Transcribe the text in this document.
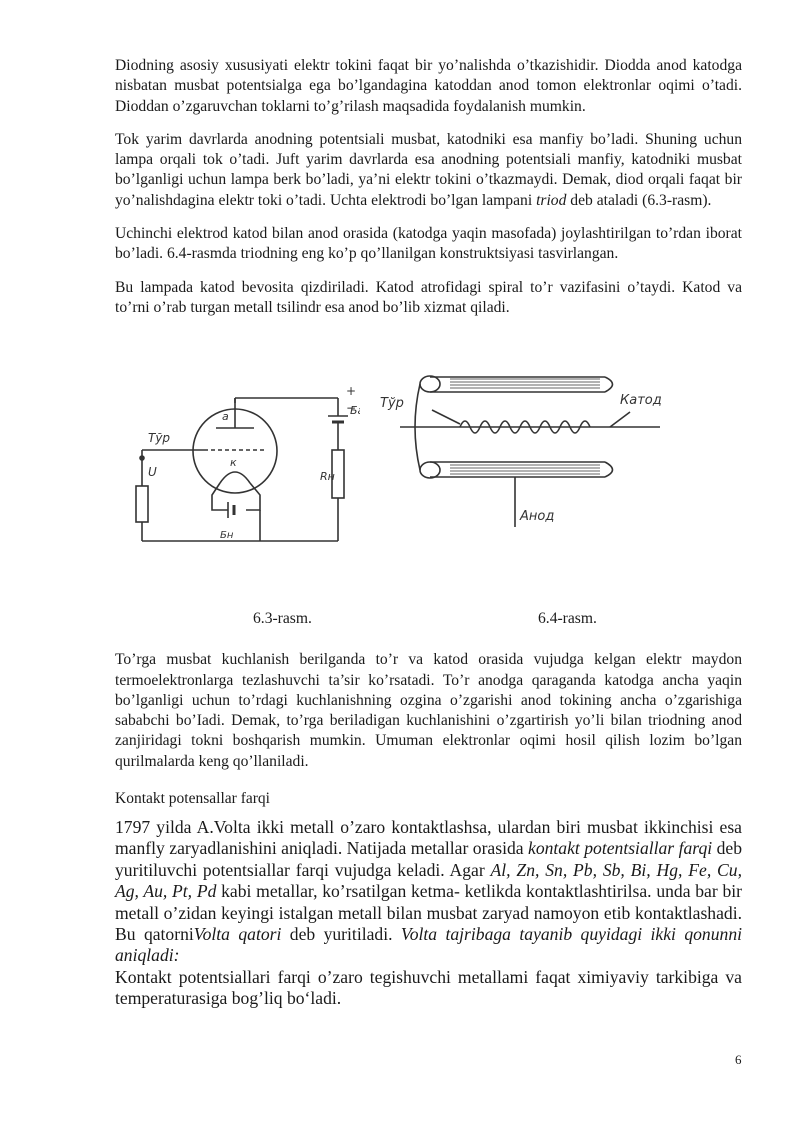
Diodning asosiy xususiyati elektr tokini faqat bir yo’nalishda o’tkazishidir. Diodda anod katodga nisbatan musbat potentsialga ega bo’lgandagina katoddan anod tomon elektronlar oqimi o’tadi. Dioddan o’zgaruvchan toklarni to’g’rilash maqsadida foydalanish mumkin.

Tok yarim davrlarda anodning potentsiali musbat, katodniki esa manfiy bo’ladi. Shuning uchun lampa orqali tok o’tadi. Juft yarim davrlarda esa anodning potentsiali manfiy, katodniki musbat bo’lganligi uchun lampa berk bo’ladi, ya’ni elektr tokini o’tkazmaydi. Demak, diod orqali faqat bir yo’nalishdagina elektr toki o’tadi. Uchta elektrodi bo’lgan lampani triod deb ataladi (6.3-rasm).

Uchinchi elektrod katod bilan anod orasida (katodga yaqin masofada) joylashtirilgan to’rdan iborat bo’ladi. 6.4-rasmda triodning eng ko’p qo’llanilgan konstruktsiyasi tasvirlangan.

Bu lampada katod bevosita qizdiriladi. Katod atrofidagi spiral to’r vazifasini o’taydi. Katod va to’rni o’rab turgan metall tsilindr esa anod bo’lib xizmat qiladi.

a
к
Тўр
+
−
Б
U	Rн
Бн
Тўр	Катод
Анод
6.3-rasm.	6.4-rasm.

To’rga musbat kuchlanish berilganda to’r va katod orasida vujudga kelgan elektr maydon termoelektronlarga tezlashuvchi ta’sir ko’rsatadi. To’r anodga qaraganda katodga ancha yaqin bo’lganligi uchun to’rdagi kuchlanishning ozgina o’zgarishi anod tokining ancha o’zgarishiga sababchi bo’Iadi. Demak, to’rga beriladigan kuchlanishini o’zgartirish yo’li bilan triodning anod zanjiridagi tokni boshqarish mumkin. Umuman elektronlar oqimi hosil qilish lozim bo’lgan qurilmalarda keng qo’llaniladi.

Kontakt potensallar farqi

1797 yilda A.Volta ikki metall o’zaro kontaktlashsa, ulardan biri musbat ikkinchisi esa manfly zaryadlanishini aniqladi. Natijada metallar orasida kontakt potentsiallar farqi deb yuritiluvchi potentsiallar farqi vujudga keladi. Agar Al, Zn, Sn, Pb, Sb, Bi, Hg, Fe, Cu, Ag, Au, Pt, Pd kabi metallar, ko’rsatilgan ketma- ketlikda kontaktlashtirilsa. unda bar bir metall o’zidan keyingi istalgan metall bilan musbat zaryad namoyon etib kontaktlashadi. Bu qatorniVolta qatori deb yuritiladi. Volta tajribaga tayanib quyidagi ikki qonunni aniqladi:

Kontakt potentsiallari farqi o’zaro tegishuvchi metallami faqat ximiyaviy tarkibiga va temperaturasiga bog’liq bo‘ladi.

6
